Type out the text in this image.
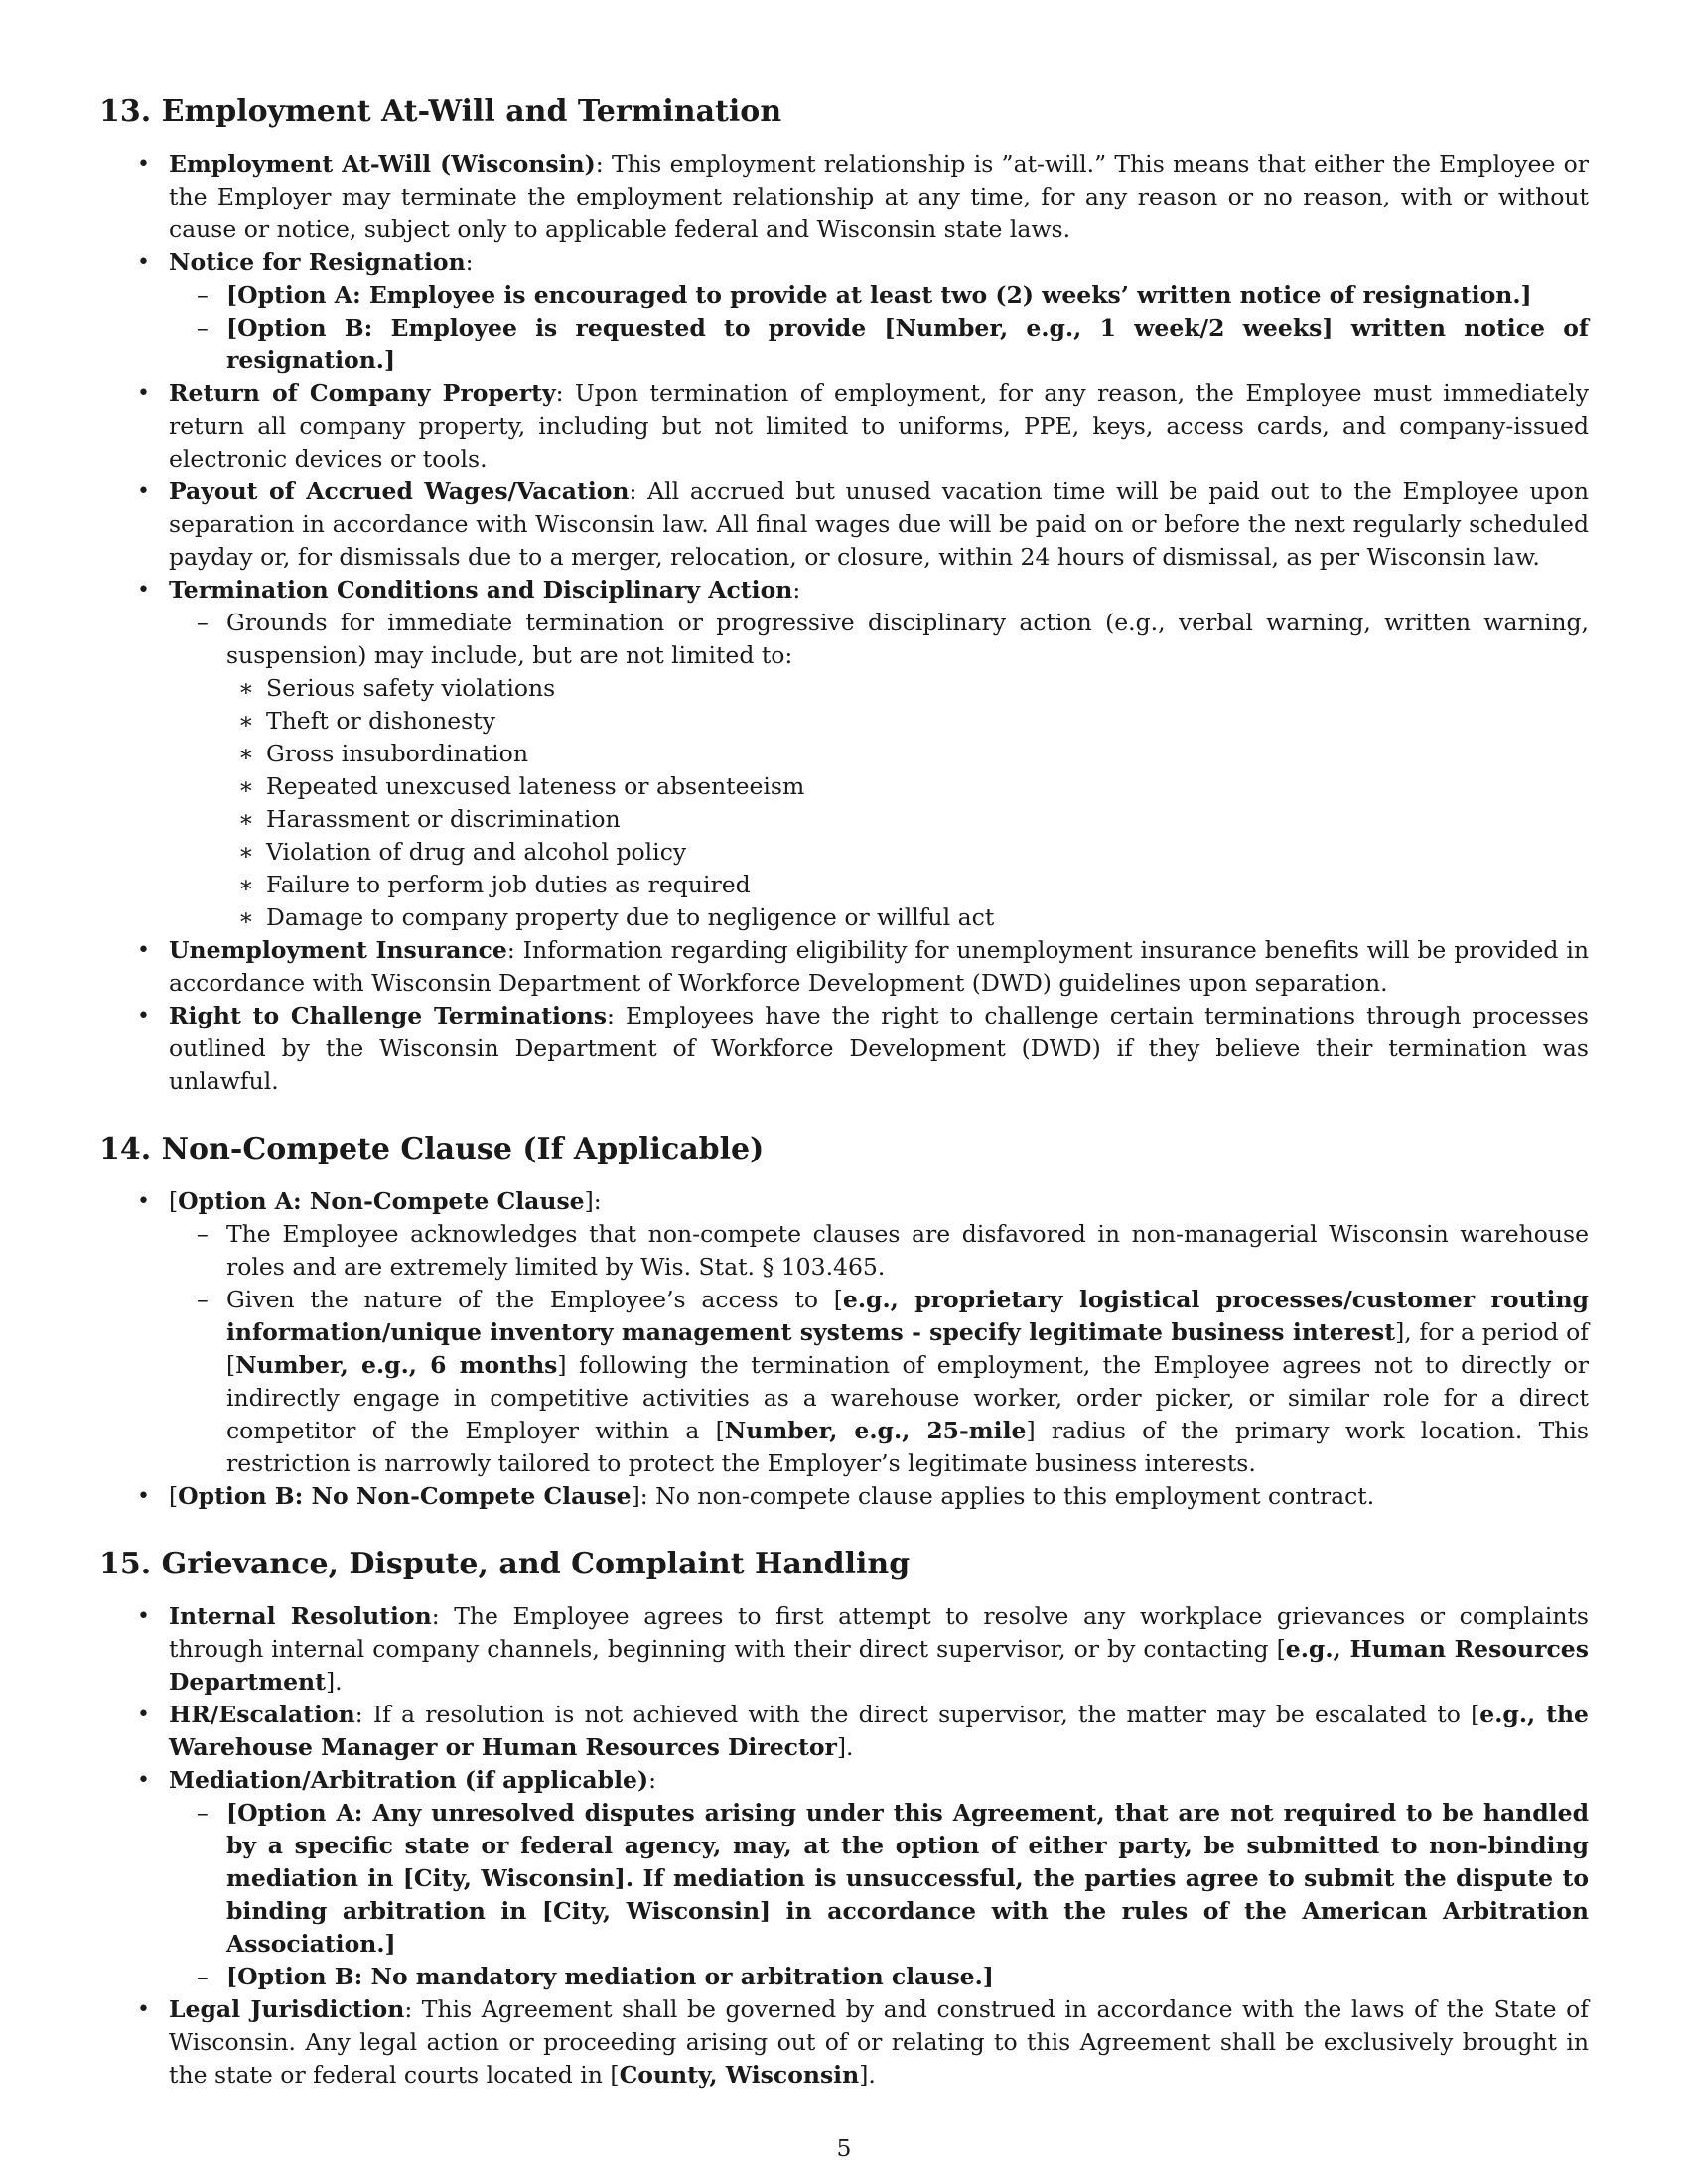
13. Employment At-Will and Termination
• Employment At-Will (Wisconsin): This employment relationship is ”at-will.” This means that either the Employee or the Employer may terminate the employment relationship at any time, for any reason or no reason, with or without cause or notice, subject only to applicable federal and Wisconsin state laws.

• Notice for Resignation:

– [Option A: Employee is encouraged to provide at least two (2) weeks’ written notice of resignation.]

– [Option B: Employee is requested to provide [Number, e.g., 1 week/2 weeks] written notice of resignation.]

• Return of Company Property: Upon termination of employment, for any reason, the Employee must immediately return all company property, including but not limited to uniforms, PPE, keys, access cards, and company-issued electronic devices or tools.

• Payout of Accrued Wages/Vacation: All accrued but unused vacation time will be paid out to the Employee upon separation in accordance with Wisconsin law. All final wages due will be paid on or before the next regularly scheduled payday or, for dismissals due to a merger, relocation, or closure, within 24 hours of dismissal, as per Wisconsin law.

• Termination Conditions and Disciplinary Action:

– Grounds for immediate termination or progressive disciplinary action (e.g., verbal warning, written warning, suspension) may include, but are not limited to:

∗ Serious safety violations

∗ Theft or dishonesty

∗ Gross insubordination

∗ Repeated unexcused lateness or absenteeism

∗ Harassment or discrimination

∗ Violation of drug and alcohol policy

∗ Failure to perform job duties as required

∗ Damage to company property due to negligence or willful act

• Unemployment Insurance: Information regarding eligibility for unemployment insurance benefits will be provided in accordance with Wisconsin Department of Workforce Development (DWD) guidelines upon separation.

• Right to Challenge Terminations: Employees have the right to challenge certain terminations through processes outlined by the Wisconsin Department of Workforce Development (DWD) if they believe their termination was unlawful.

14. Non-Compete Clause (If Applicable)
• [Option A: Non-Compete Clause]:

– The Employee acknowledges that non-compete clauses are disfavored in non-managerial Wisconsin warehouse roles and are extremely limited by Wis. Stat. § 103.465.

– Given the nature of the Employee’s access to [e.g., proprietary logistical processes/customer routing information/unique inventory management systems - specify legitimate business interest], for a period of [Number, e.g., 6 months] following the termination of employment, the Employee agrees not to directly or indirectly engage in competitive activities as a warehouse worker, order picker, or similar role for a direct competitor of the Employer within a [Number, e.g., 25-mile] radius of the primary work location. This restriction is narrowly tailored to protect the Employer’s legitimate business interests.

• [Option B: No Non-Compete Clause]: No non-compete clause applies to this employment contract.

15. Grievance, Dispute, and Complaint Handling
• Internal Resolution: The Employee agrees to first attempt to resolve any workplace grievances or complaints through internal company channels, beginning with their direct supervisor, or by contacting [e.g., Human Resources Department].

• HR/Escalation: If a resolution is not achieved with the direct supervisor, the matter may be escalated to [e.g., the Warehouse Manager or Human Resources Director].

• Mediation/Arbitration (if applicable):

– [Option A: Any unresolved disputes arising under this Agreement, that are not required to be handled by a specific state or federal agency, may, at the option of either party, be submitted to non-binding mediation in [City, Wisconsin]. If mediation is unsuccessful, the parties agree to submit the dispute to binding arbitration in [City, Wisconsin] in accordance with the rules of the American Arbitration Association.]

– [Option B: No mandatory mediation or arbitration clause.]

• Legal Jurisdiction: This Agreement shall be governed by and construed in accordance with the laws of the State of Wisconsin. Any legal action or proceeding arising out of or relating to this Agreement shall be exclusively brought in the state or federal courts located in [County, Wisconsin].

5
